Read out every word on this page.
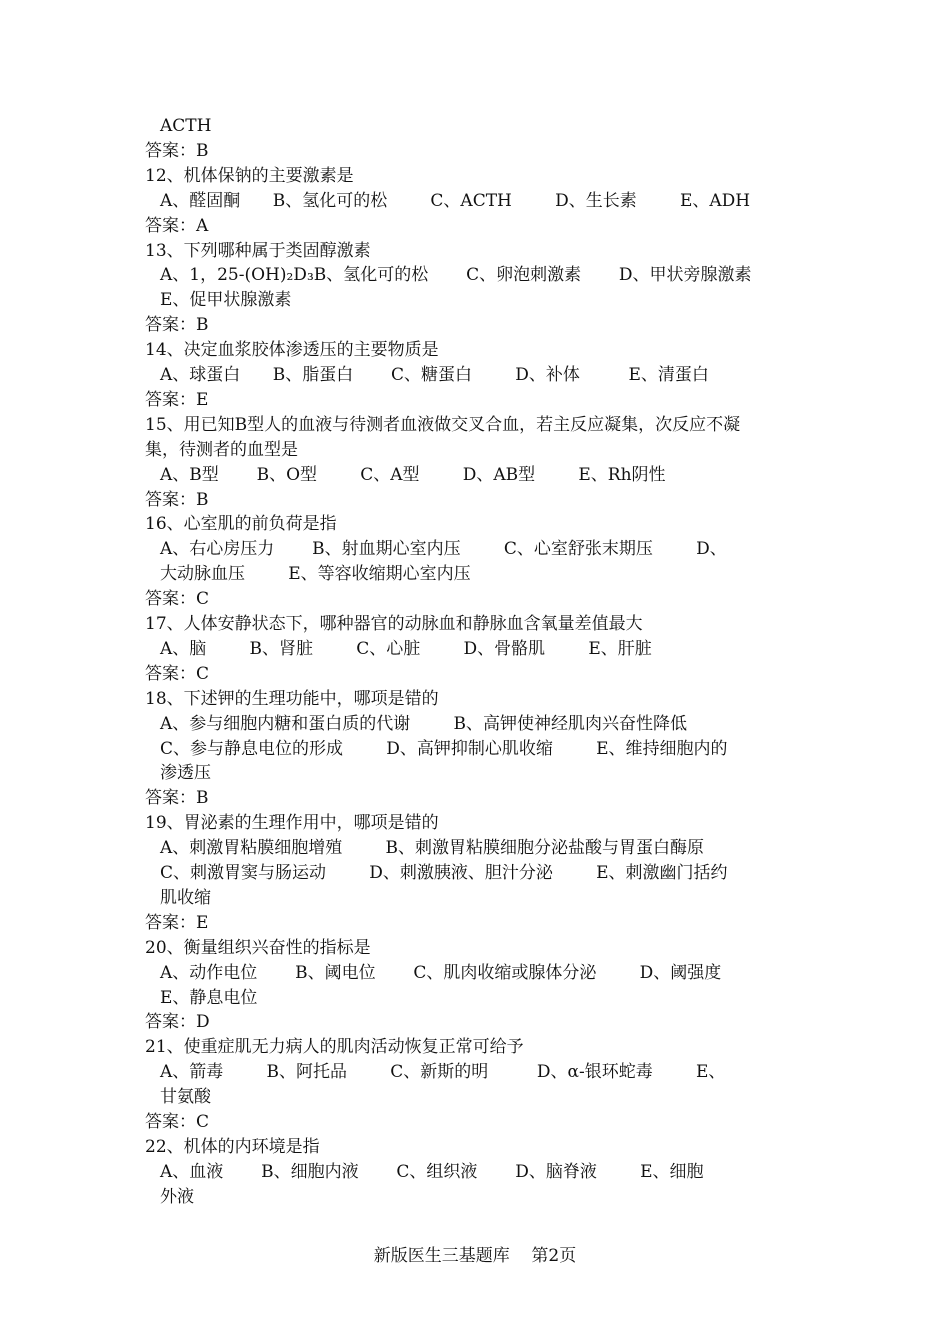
ACTH
答案：B
12、机体保钠的主要激素是
A、醛固酮      B、氢化可的松        C、ACTH        D、生长素        E、ADH
答案：A
13、下列哪种属于类固醇激素
A、1，25-(OH)₂D₃B、氢化可的松       C、卵泡刺激素       D、甲状旁腺激素
E、促甲状腺激素
答案：B
14、决定血浆胶体渗透压的主要物质是
A、球蛋白      B、脂蛋白       C、糖蛋白        D、补体         E、清蛋白
答案：E
15、用已知B型人的血液与待测者血液做交叉合血，若主反应凝集，次反应不凝
集，待测者的血型是
A、B型       B、O型        C、A型        D、AB型        E、Rh阴性
答案：B
16、心室肌的前负荷是指
A、右心房压力       B、射血期心室内压        C、心室舒张末期压        D、
大动脉血压        E、等容收缩期心室内压
答案：C
17、人体安静状态下，哪种器官的动脉血和静脉血含氧量差值最大
A、脑        B、肾脏        C、心脏        D、骨骼肌        E、肝脏
答案：C
18、下述钾的生理功能中，哪项是错的
A、参与细胞内糖和蛋白质的代谢        B、高钾使神经肌肉兴奋性降低
C、参与静息电位的形成        D、高钾抑制心肌收缩        E、维持细胞内的
渗透压
答案：B
19、胃泌素的生理作用中，哪项是错的
A、刺激胃粘膜细胞增殖        B、刺激胃粘膜细胞分泌盐酸与胃蛋白酶原
C、刺激胃窦与肠运动        D、刺激胰液、胆汁分泌        E、刺激幽门括约
肌收缩
答案：E
20、衡量组织兴奋性的指标是
A、动作电位       B、阈电位       C、肌肉收缩或腺体分泌        D、阈强度
E、静息电位
答案：D
21、使重症肌无力病人的肌肉活动恢复正常可给予
A、箭毒        B、阿托品        C、新斯的明         D、α-银环蛇毒        E、
甘氨酸
答案：C
22、机体的内环境是指
A、血液       B、细胞内液       C、组织液       D、脑脊液        E、细胞
外液
新版医生三基题库    第2页
